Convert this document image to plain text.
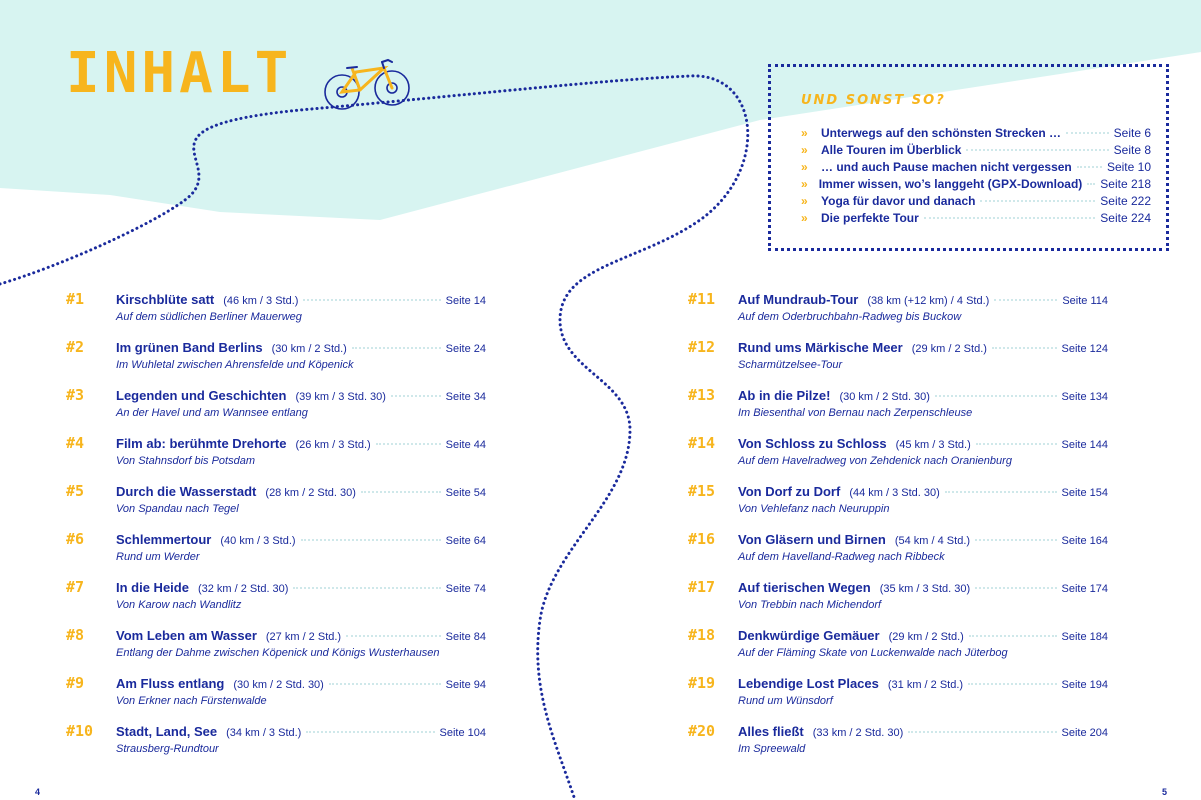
INHALT	UND SONST SO?
»	Unterwegs auf den schönsten Strecken …	Seite 6
»	Alle Touren im Überblick	Seite 8
»	… und auch Pause machen nicht vergessen	Seite 10
» Immer wissen, wo’s langgeht (GPX-Download) Seite 218
»	Yoga für davor und danach	Seite 222
»	Die perfekte Tour	Seite 224
#1 Kirschblüte satt (46 km / 3 Std.)	Seite 14
Auf dem südlichen Berliner Mauerweg
#2 Im grünen Band Berlins (30 km / 2 Std.)	Seite 24
Im Wuhletal zwischen Ahrensfelde und Köpenick
#3 Legenden und Geschichten (39 km / 3 Std. 30)	Seite 34
An der Havel und am Wannsee entlang
#4 Film ab: berühmte Drehorte (26 km / 3 Std.)	Seite 44
Von Stahnsdorf bis Potsdam
#5 Durch die Wasserstadt (28 km / 2 Std. 30)	Seite 54
Von Spandau nach Tegel
#6 Schlemmertour (40 km / 3 Std.)	Seite 64
Rund um Werder
#7 In die Heide (32 km / 2 Std. 30)	Seite 74
Von Karow nach Wandlitz
#8 Vom Leben am Wasser (27 km / 2 Std.)	Seite 84
Entlang der Dahme zwischen Köpenick und Königs Wusterhausen
#9 Am Fluss entlang (30 km / 2 Std. 30)	Seite 94
Von Erkner nach Fürstenwalde
#10 Stadt, Land, See (34 km / 3 Std.)	Seite 104
Strausberg-Rundtour
#11 Auf Mundraub-Tour (38 km (+12 km) / 4 Std.)	Seite 114
Auf dem Oderbruchbahn-Radweg bis Buckow
#12 Rund ums Märkische Meer (29 km / 2 Std.)	Seite 124
Scharmützelsee-Tour
#13 Ab in die Pilze! (30 km / 2 Std. 30)	Seite 134
Im Biesenthal von Bernau nach Zerpenschleuse
#14 Von Schloss zu Schloss (45 km / 3 Std.)	Seite 144
Auf dem Havelradweg von Zehdenick nach Oranienburg
#15 Von Dorf zu Dorf (44 km / 3 Std. 30)	Seite 154
Von Vehlefanz nach Neuruppin
#16 Von Gläsern und Birnen (54 km / 4 Std.)	Seite 164
Auf dem Havelland-Radweg nach Ribbeck
#17 Auf tierischen Wegen (35 km / 3 Std. 30)	Seite 174
Von Trebbin nach Michendorf
#18 Denkwürdige Gemäuer (29 km / 2 Std.)	Seite 184
Auf der Fläming Skate von Luckenwalde nach Jüterbog
#19 Lebendige Lost Places (31 km / 2 Std.)	Seite 194
Rund um Wünsdorf
#20 Alles fließt (33 km / 2 Std. 30)	Seite 204
Im Spreewald
4	5
